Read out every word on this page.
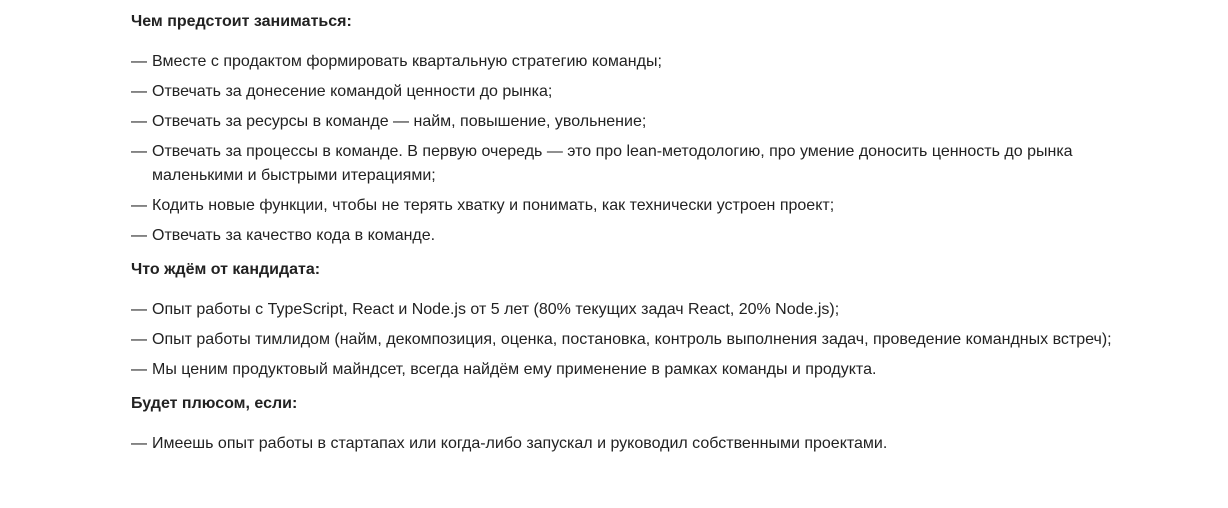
Чем предстоит заниматься:
— Вместе с продактом формировать квартальную стратегию команды;
— Отвечать за донесение командой ценности до рынка;
— Отвечать за ресурсы в команде — найм, повышение, увольнение;
— Отвечать за процессы в команде. В первую очередь — это про lean-методологию, про умение доносить ценность до рынка маленькими и быстрыми итерациями;
— Кодить новые функции, чтобы не терять хватку и понимать, как технически устроен проект;
— Отвечать за качество кода в команде.
Что ждём от кандидата:
— Опыт работы с TypeScript, React и Node.js от 5 лет (80% текущих задач React, 20% Node.js);
— Опыт работы тимлидом (найм, декомпозиция, оценка, постановка, контроль выполнения задач, проведение командных встреч);
— Мы ценим продуктовый майндсет, всегда найдём ему применение в рамках команды и продукта.
Будет плюсом, если:
— Имеешь опыт работы в стартапах или когда-либо запускал и руководил собственными проектами.
